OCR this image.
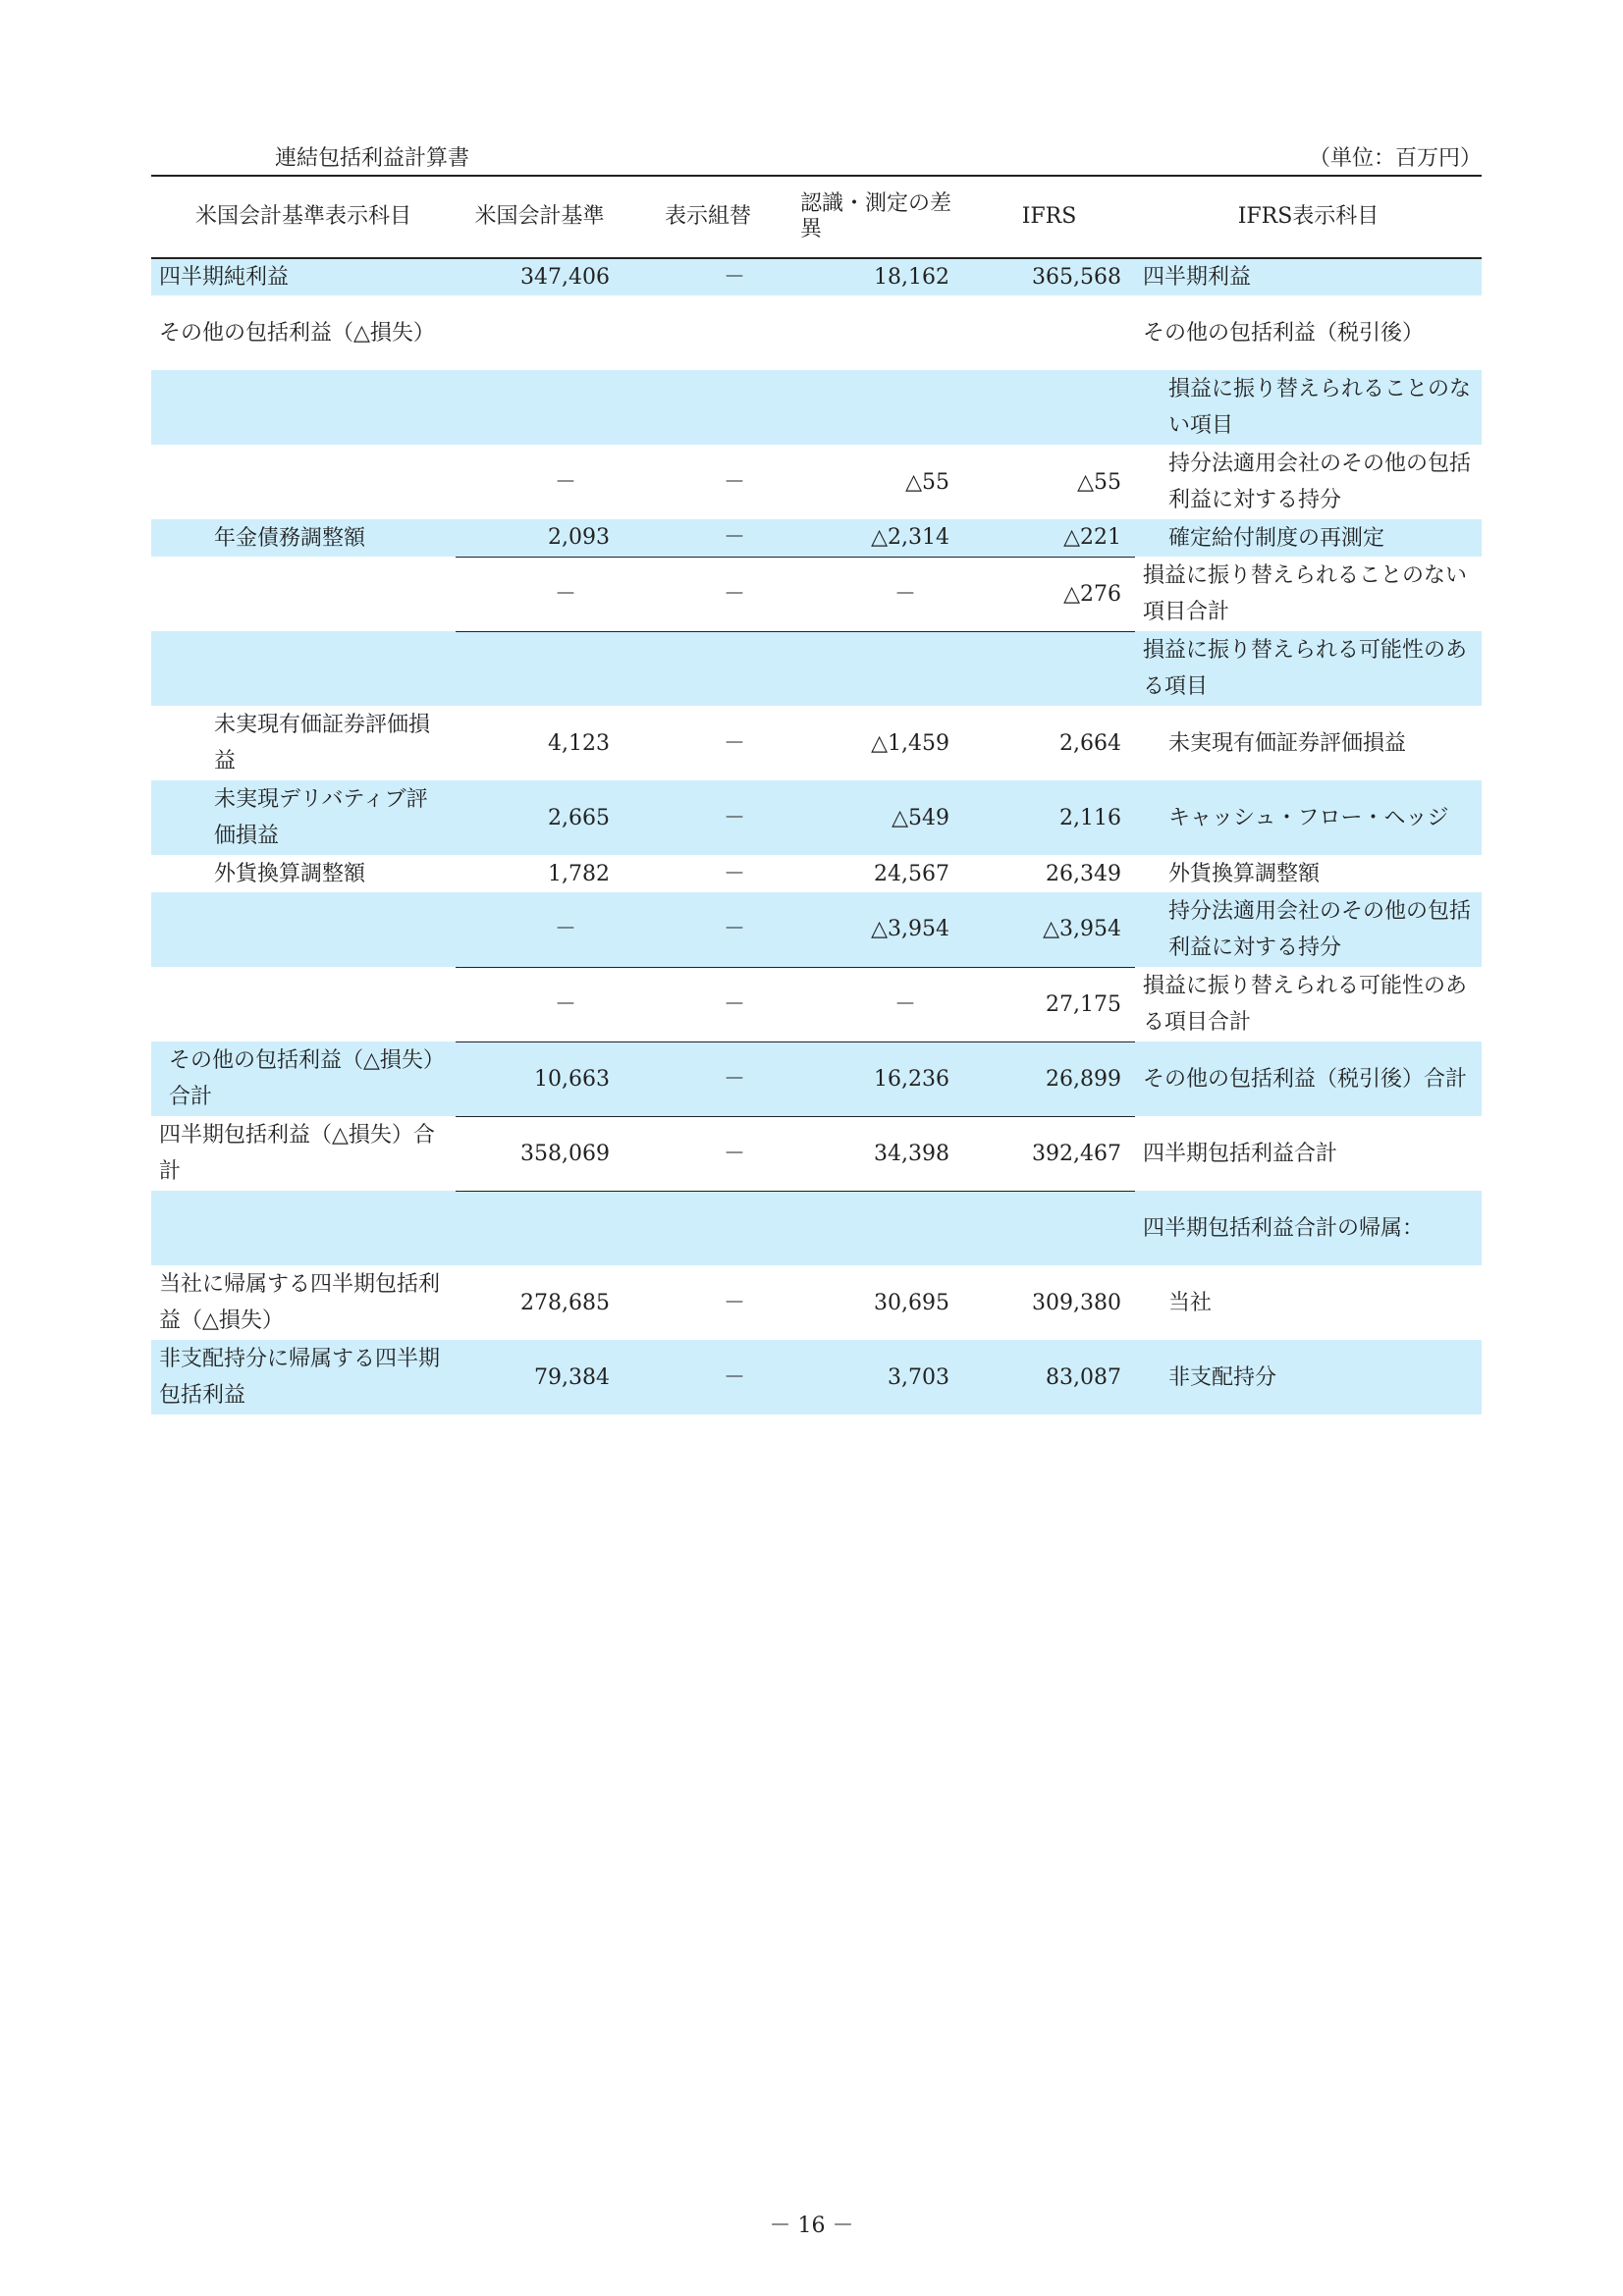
連結包括利益計算書	（単位：百万円）
米国会計基準表示科目	米国会計基準	表示組替	認識・測定の差異	IFRS	IFRS表示科目
四半期純利益	347,406	－	18,162	365,568	四半期利益
その他の包括利益（△損失）					その他の包括利益（税引後）
					損益に振り替えられることのない項目
	－	－	△55	△55	持分法適用会社のその他の包括利益に対する持分
年金債務調整額	2,093	－	△2,314	△221	確定給付制度の再測定
	－	－	－	△276	損益に振り替えられることのない項目合計
					損益に振り替えられる可能性のある項目
未実現有価証券評価損益	4,123	－	△1,459	2,664	未実現有価証券評価損益
未実現デリバティブ評価損益	2,665	－	△549	2,116	キャッシュ・フロー・ヘッジ
外貨換算調整額	1,782	－	24,567	26,349	外貨換算調整額
	－	－	△3,954	△3,954	持分法適用会社のその他の包括利益に対する持分
	－	－	－	27,175	損益に振り替えられる可能性のある項目合計
その他の包括利益（△損失）合計	10,663	－	16,236	26,899	その他の包括利益（税引後）合計
四半期包括利益（△損失）合計	358,069	－	34,398	392,467	四半期包括利益合計
					四半期包括利益合計の帰属：
当社に帰属する四半期包括利益（△損失）	278,685	－	30,695	309,380	当社
非支配持分に帰属する四半期包括利益	79,384	－	3,703	83,087	非支配持分
－ 16 －
